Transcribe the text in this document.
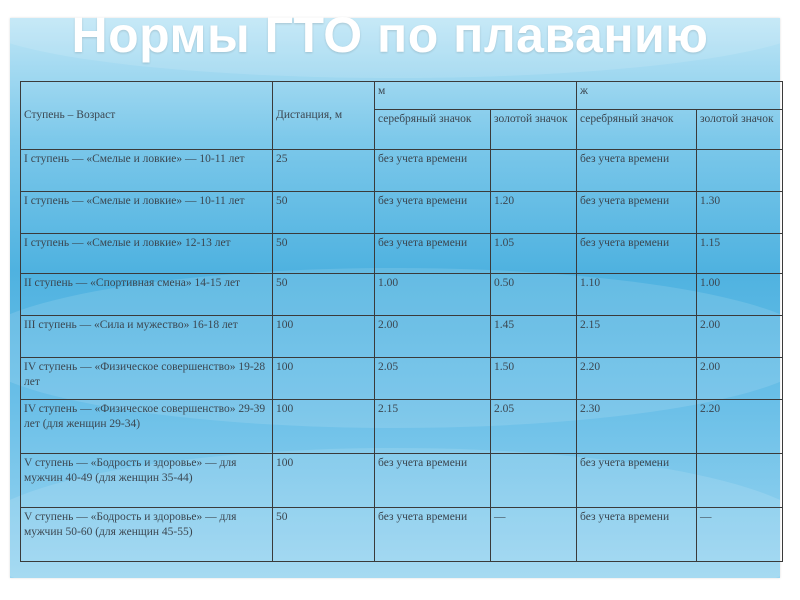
Нормы ГТО по плаванию
Ступень – Возраст	Дистанция, м	м		ж	
		серебряный значок	золотой значок	серебряный значок	золотой значок
I ступень — «Смелые и ловкие» — 10-11 лет	25	без учета времени		без учета времени	
I ступень — «Смелые и ловкие» — 10-11 лет	50	без учета времени	1.20	без учета времени	1.30
I ступень — «Смелые и ловкие» 12-13 лет	50	без учета времени	1.05	без учета времени	1.15
II ступень — «Спортивная смена» 14-15 лет	50	1.00	0.50	1.10	1.00
III ступень — «Сила и мужество» 16-18 лет	100	2.00	1.45	2.15	2.00
IV ступень — «Физическое совершенство» 19-28 лет	100	2.05	1.50	2.20	2.00
IV ступень — «Физическое совершенство» 29-39 лет (для женщин 29-34)	100	2.15	2.05	2.30	2.20
V ступень — «Бодрость и здоровье» — для мужчин 40-49 (для женщин 35-44)	100	без учета времени		без учета времени	
V ступень — «Бодрость и здоровье» — для мужчин 50-60 (для женщин 45-55)	50	без учета времени	—	без учета времени	—
